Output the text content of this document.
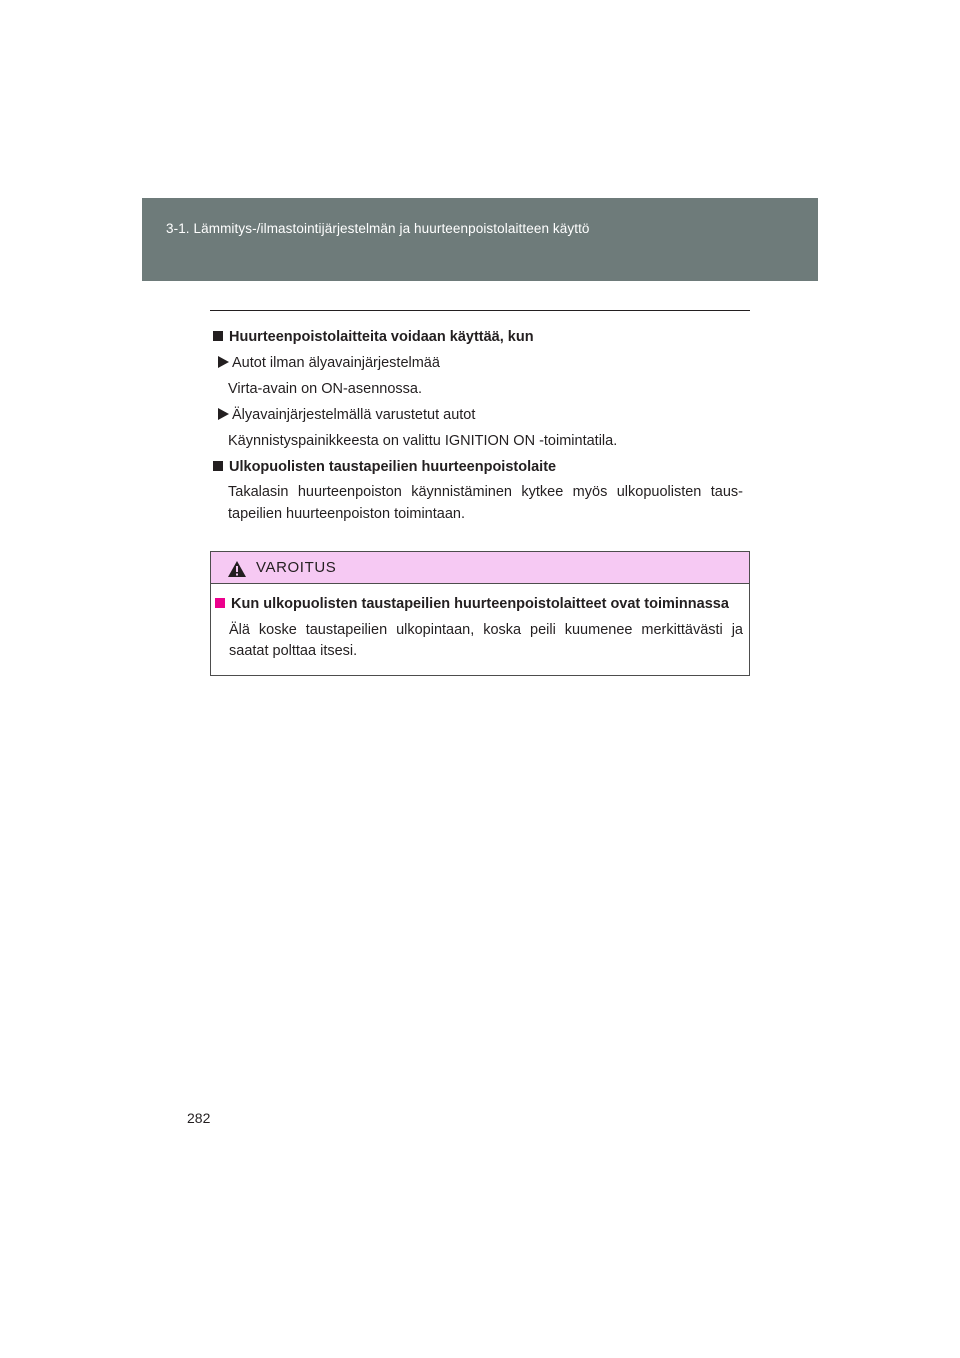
3-1. Lämmitys-/ilmastointijärjestelmän ja huurteenpoistolaitteen käyttö
Huurteenpoistolaitteita voidaan käyttää, kun
Autot ilman älyavainjärjestelmää
Virta-avain on ON-asennossa.
Älyavainjärjestelmällä varustetut autot
Käynnistyspainikkeesta on valittu IGNITION ON -toimintatila.
Ulkopuolisten taustapeilien huurteenpoistolaite
Takalasin huurteenpoiston käynnistäminen kytkee myös ulkopuolisten taus-tapeilien huurteenpoiston toimintaan.
VAROITUS
Kun ulkopuolisten taustapeilien huurteenpoistolaitteet ovat toiminnassa
Älä koske taustapeilien ulkopintaan, koska peili kuumenee merkittävästi ja saatat polttaa itsesi.
282
